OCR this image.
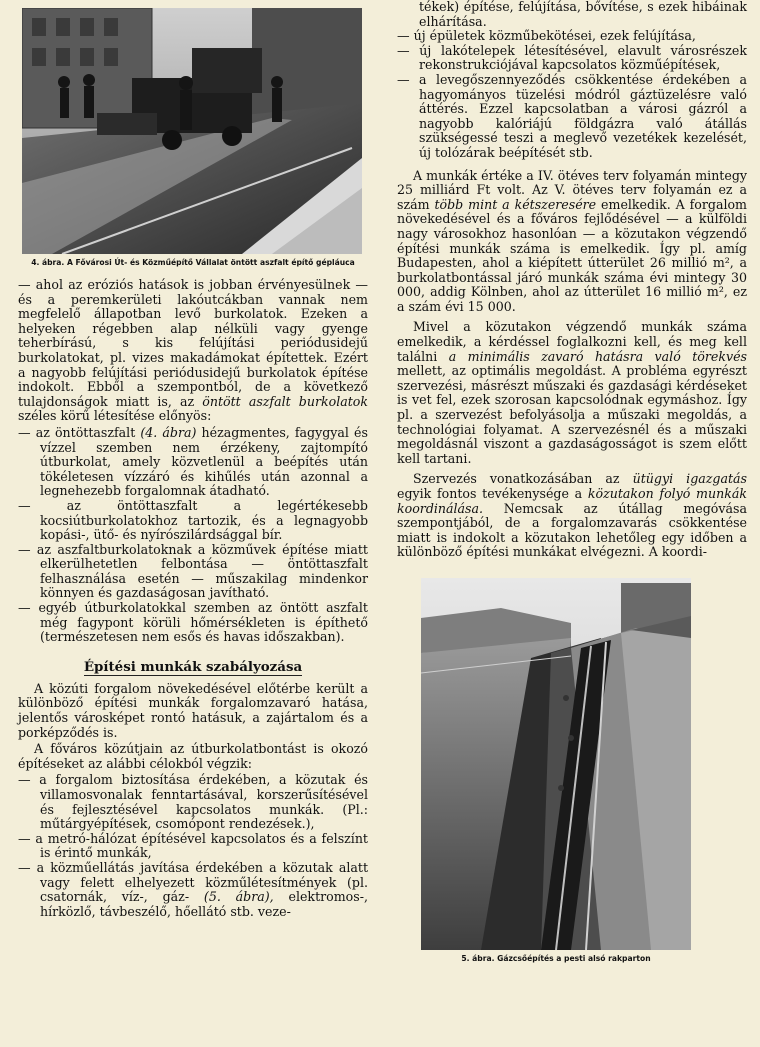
4. ábra. A Fővárosi Út- és Közműépítő Vállalat öntött aszfalt építő gépláuca

— ahol az eróziós hatások is jobban érvényesülnek — és a peremkerületi lakóutcákban vannak nem megfelelő állapotban levő burkolatok. Ezeken a helyeken régebben alap nélküli vagy gyenge teherbírású, s kis felújítási periódusidejű burkolatokat, pl. vizes makadámokat építettek. Ezért a nagyobb felújítási periódusidejű burkolatok építése indokolt. Ebből a szempontból, de a következő tulajdonságok miatt is, az öntött aszfalt burkolatok széles körű létesítése előnyös:

— az öntöttaszfalt (4. ábra) hézagmentes, fagygyal és vízzel szemben nem érzékeny, zajtompító útburkolat, amely közvetlenül a beépítés után tökéletesen vízzáró és kihűlés után azonnal a legnehezebb forgalomnak átadható.

— az öntöttaszfalt a legértékesebb kocsiútburkolatokhoz tartozik, és a legnagyobb kopási-, ütő- és nyírószilárdsággal bír.

— az aszfaltburkolatoknak a közművek építése miatt elkerülhetetlen felbontása — öntöttaszfalt felhasználása esetén — műszakilag mindenkor könnyen és gazdaságosan javítható.

— egyéb útburkolatokkal szemben az öntött aszfalt még fagypont körüli hőmérsékleten is építhető (természetesen nem esős és havas időszakban).

Építési munkák szabályozása

A közúti forgalom növekedésével előtérbe került a különböző építési munkák forgalomzavaró hatása, jelentős városképet rontó hatásuk, a zajártalom és a porképződés is.

A főváros közútjain az útburkolatbontást is okozó építéseket az alábbi célokból végzik:

— a forgalom biztosítása érdekében, a közutak és villamosvonalak fenntartásával, korszerűsítésével és fejlesztésével kapcsolatos munkák. (Pl.: műtárgyépítések, csomópont rendezések.),

— a metró-hálózat építésével kapcsolatos és a felszínt is érintő munkák,

— a közműellátás javítása érdekében a közutak alatt vagy felett elhelyezett közműlétesítmények (pl. csatornák, víz-, gáz- (5. ábra), elektromos-, hírközlő, távbeszélő, hőellátó stb. veze-

tékek) építése, felújítása, bővítése, s ezek hibáinak elhárítása.

— új épületek közműbekötései, ezek felújítása,

— új lakótelepek létesítésével, elavult városrészek rekonstrukciójával kapcsolatos közműépítések,

— a levegőszennyeződés csökkentése érdekében a hagyományos tüzelési módról gáztüzelésre való áttérés. Ezzel kapcsolatban a városi gázról a nagyobb kalóriájú földgázra való átállás szükségessé teszi a meglevő vezetékek kezelését, új tolózárak beépítését stb.

A munkák értéke a IV. ötéves terv folyamán mintegy 25 milliárd Ft volt. Az V. ötéves terv folyamán ez a szám több mint a kétszeresére emelkedik. A forgalom növekedésével és a főváros fejlődésével — a külföldi nagy városokhoz hasonlóan — a közutakon végzendő építési munkák száma is emelkedik. Így pl. amíg Budapesten, ahol a kiépített útterület 26 millió m², a burkolatbontással járó munkák száma évi mintegy 30 000, addig Kölnben, ahol az útterület 16 millió m², ez a szám évi 15 000.

Mivel a közutakon végzendő munkák száma emelkedik, a kérdéssel foglalkozni kell, és meg kell találni a minimális zavaró hatásra való törekvés mellett, az optimális megoldást. A probléma egyrészt szervezési, másrészt műszaki és gazdasági kérdéseket is vet fel, ezek szorosan kapcsolódnak egymáshoz. Így pl. a szervezést befolyásolja a műszaki megoldás, a technológiai folyamat. A szervezésnél és a műszaki megoldásnál viszont a gazdaságosságot is szem előtt kell tartani.

Szervezés vonatkozásában az ütügyi igazgatás egyik fontos tevékenysége a közutakon folyó munkák koordinálása. Nemcsak az útállag megóvása szempontjából, de a forgalomzavarás csökkentése miatt is indokolt a közutakon lehetőleg egy időben a különböző építési munkákat elvégezni. A koordi-

5. ábra. Gázcsőépítés a pesti alsó rakparton
